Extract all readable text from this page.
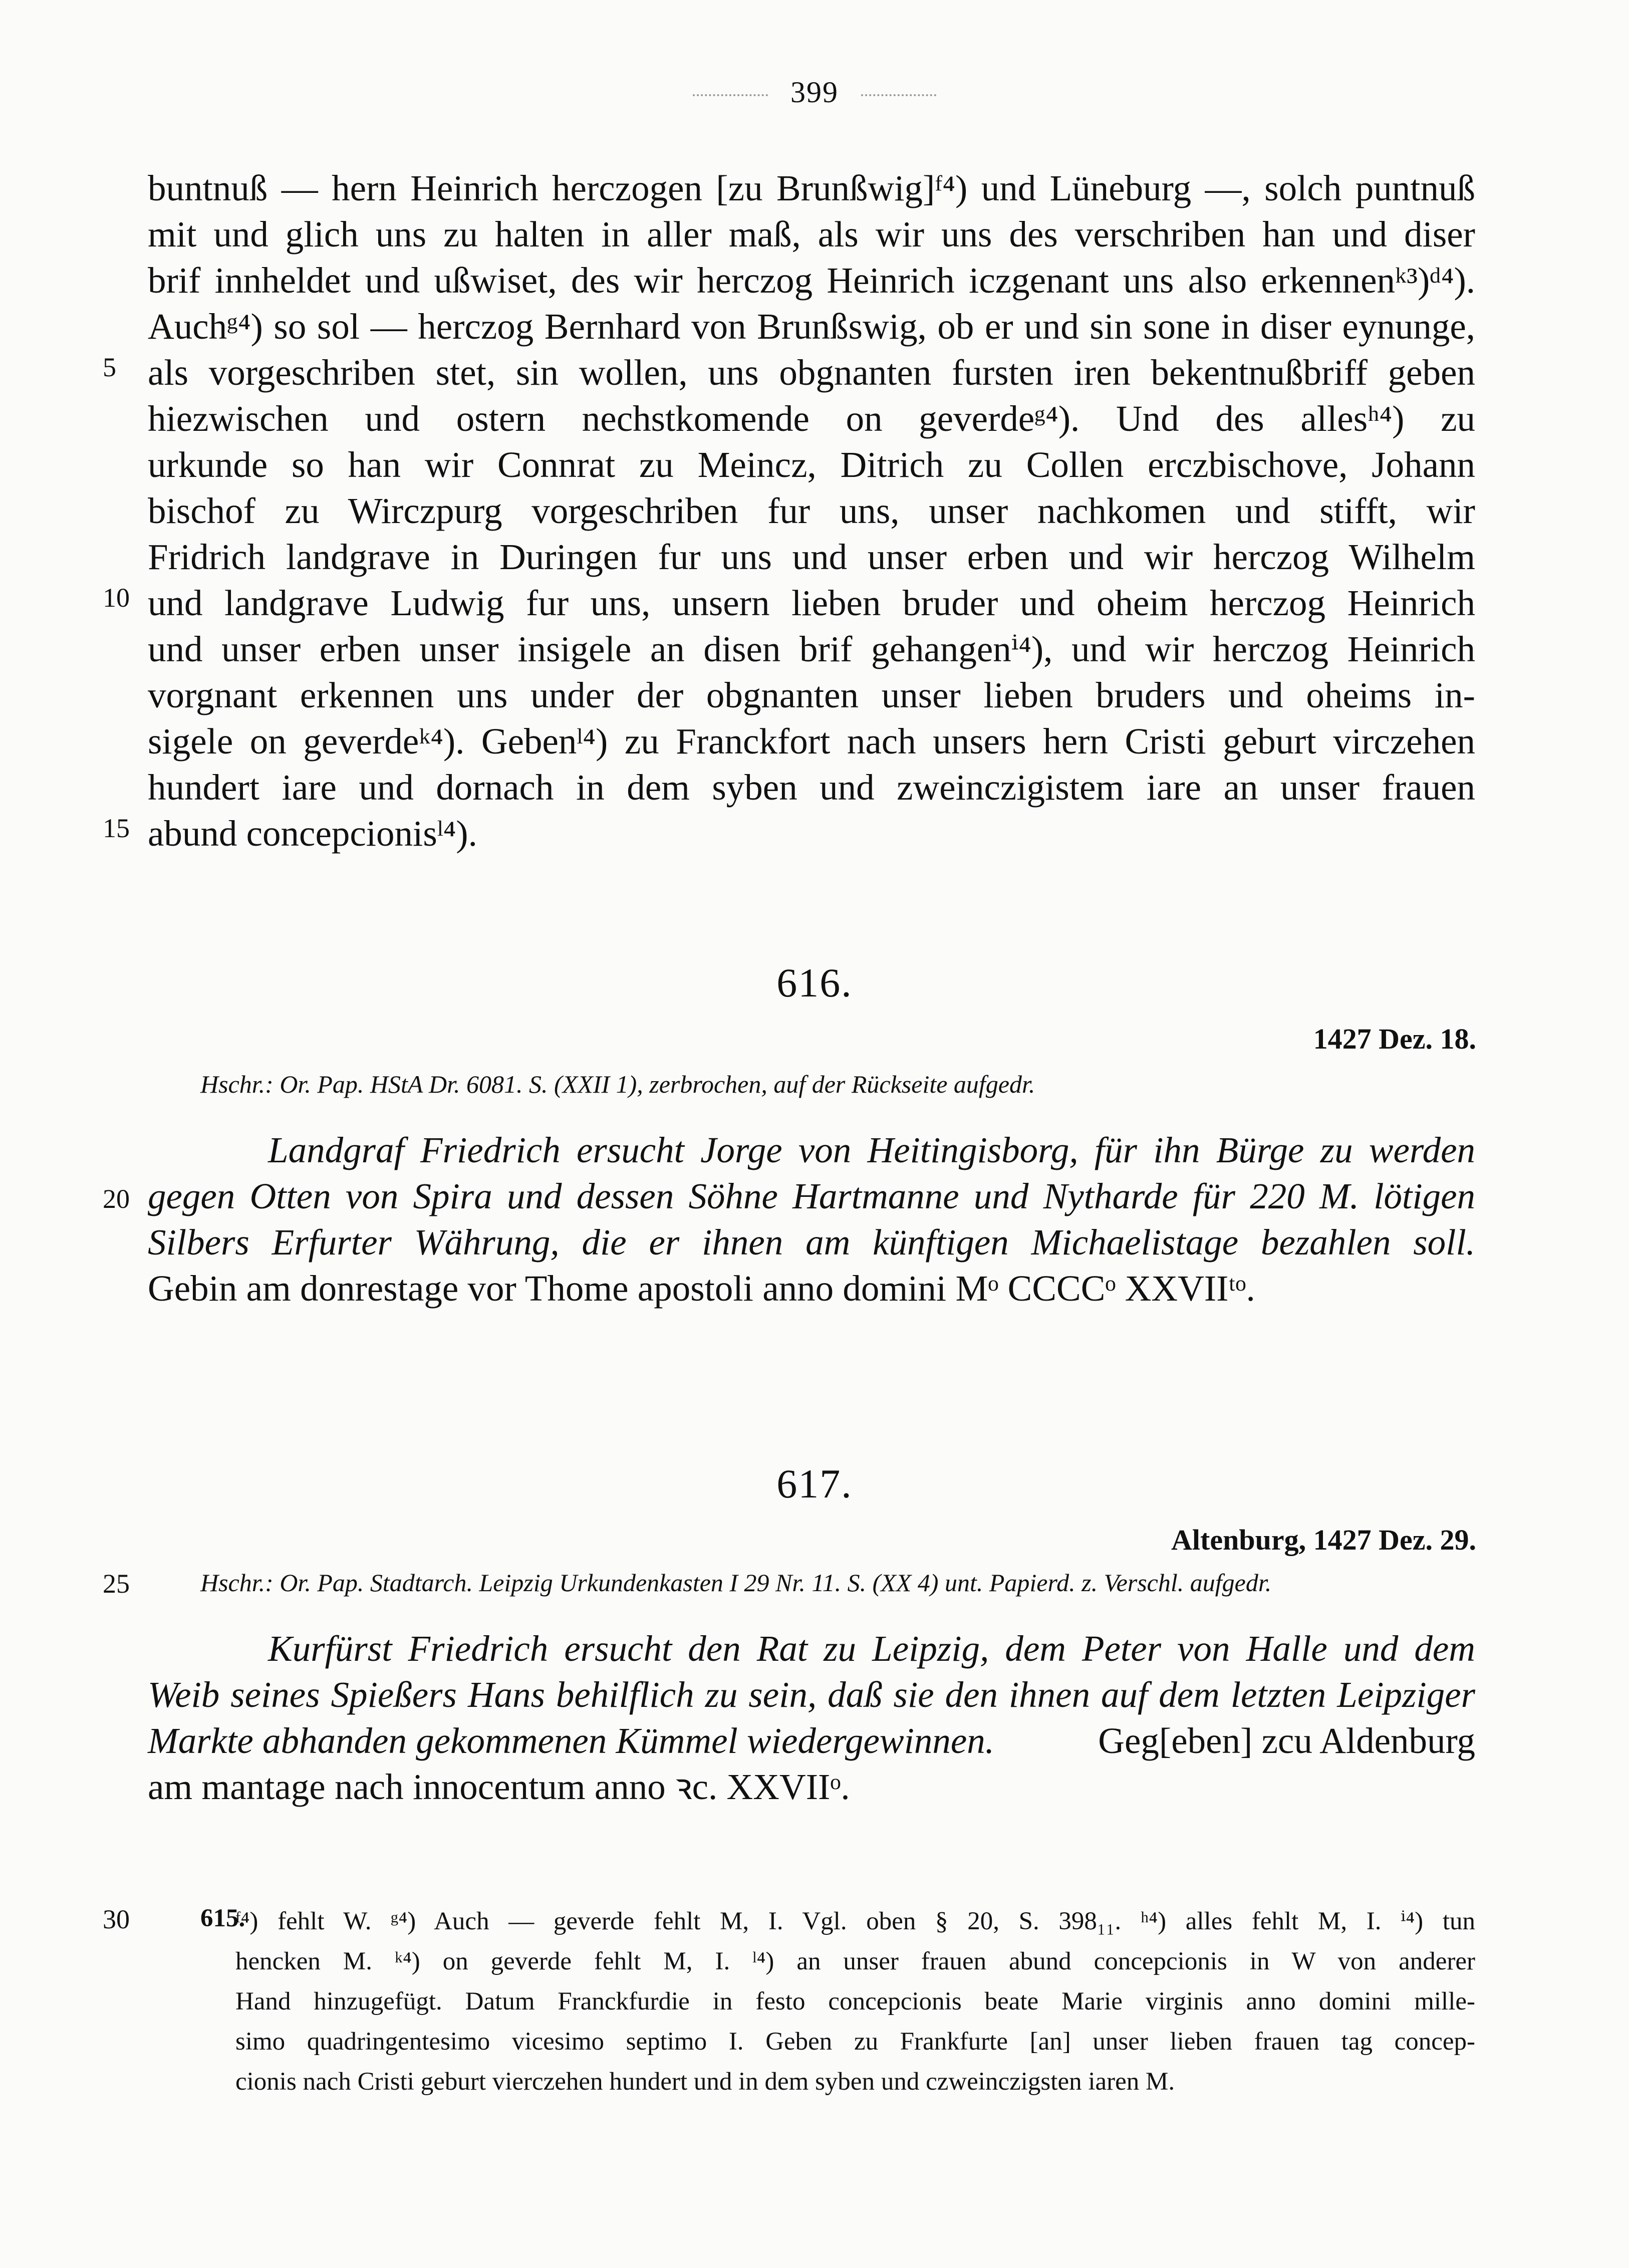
399
buntnuß — hern Heinrich herczogen [zu Brunßwig]ᶠ⁴) und Lüneburg —, solch puntnuß
mit und glich uns zu halten in aller maß, als wir uns des verschriben han und diser
brif innheldet und ußwiset, des wir herczog Heinrich iczgenant uns also erkennenᵏ³)ᵈ⁴).
Auchᵍ⁴) so sol — herczog Bernhard von Brunßswig, ob er und sin sone in diser eynunge,
als vorgeschriben stet, sin wollen, uns obgnanten fursten iren bekentnußbriff geben
hiezwischen und ostern nechstkomende on geverdeᵍ⁴). Und des allesʰ⁴) zu
urkunde so han wir Connrat zu Meincz, Ditrich zu Collen erczbischove, Johann
bischof zu Wirczpurg vorgeschriben fur uns, unser nachkomen und stifft, wir
Fridrich landgrave in Duringen fur uns und unser erben und wir herczog Wilhelm
und landgrave Ludwig fur uns, unsern lieben bruder und oheim herczog Heinrich
und unser erben unser insigele an disen brif gehangenⁱ⁴), und wir herczog Heinrich
vorgnant erkennen uns under der obgnanten unser lieben bruders und oheims in-
sigele on geverdeᵏ⁴). Gebenˡ⁴) zu Franckfort nach unsers hern Cristi geburt virczehen
hundert iare und dornach in dem syben und zweinczigistem iare an unser frauen
abund concepcionisˡ⁴).
5
10
15
616.
1427 Dez. 18.
Hschr.: Or. Pap. HStA Dr. 6081. S. (XXII 1), zerbrochen, auf der Rückseite aufgedr.
Landgraf Friedrich ersucht Jorge von Heitingisborg, für ihn Bürge zu werden
gegen Otten von Spira und dessen Söhne Hartmanne und Nytharde für 220 M. lötigen
Silbers Erfurter Währung, die er ihnen am künftigen Michaelistage bezahlen soll.
Gebin am donrestage vor Thome apostoli anno domini Mᵒ CCCCᵒ XXVIIᵗᵒ.
20
617.
Altenburg, 1427 Dez. 29.
Hschr.: Or. Pap. Stadtarch. Leipzig Urkundenkasten I 29 Nr. 11. S. (XX 4) unt. Papierd. z. Verschl. aufgedr.
25
Kurfürst Friedrich ersucht den Rat zu Leipzig, dem Peter von Halle und dem
Weib seines Spießers Hans behilflich zu sein, daß sie den ihnen auf dem letzten Leipziger
Markte abhanden gekommenen Kümmel wiedergewinnen.	Geg[eben] zcu Aldenburg
am mantage nach innocentum anno ꝛc. XXVIIᵒ.
30	615.
ᶠ⁴) fehlt W. ᵍ⁴) Auch — geverde fehlt M, I. Vgl. oben § 20, S. 398₁₁. ʰ⁴) alles fehlt M, I. ⁱ⁴) tun
hencken M. ᵏ⁴) on geverde fehlt M, I. ˡ⁴) an unser frauen abund concepcionis in W von anderer
Hand hinzugefügt. Datum Franckfurdie in festo concepcionis beate Marie virginis anno domini mille-
simo quadringentesimo vicesimo septimo I. Geben zu Frankfurte [an] unser lieben frauen tag concep-
cionis nach Cristi geburt vierczehen hundert und in dem syben und czweinczigsten iaren M.
